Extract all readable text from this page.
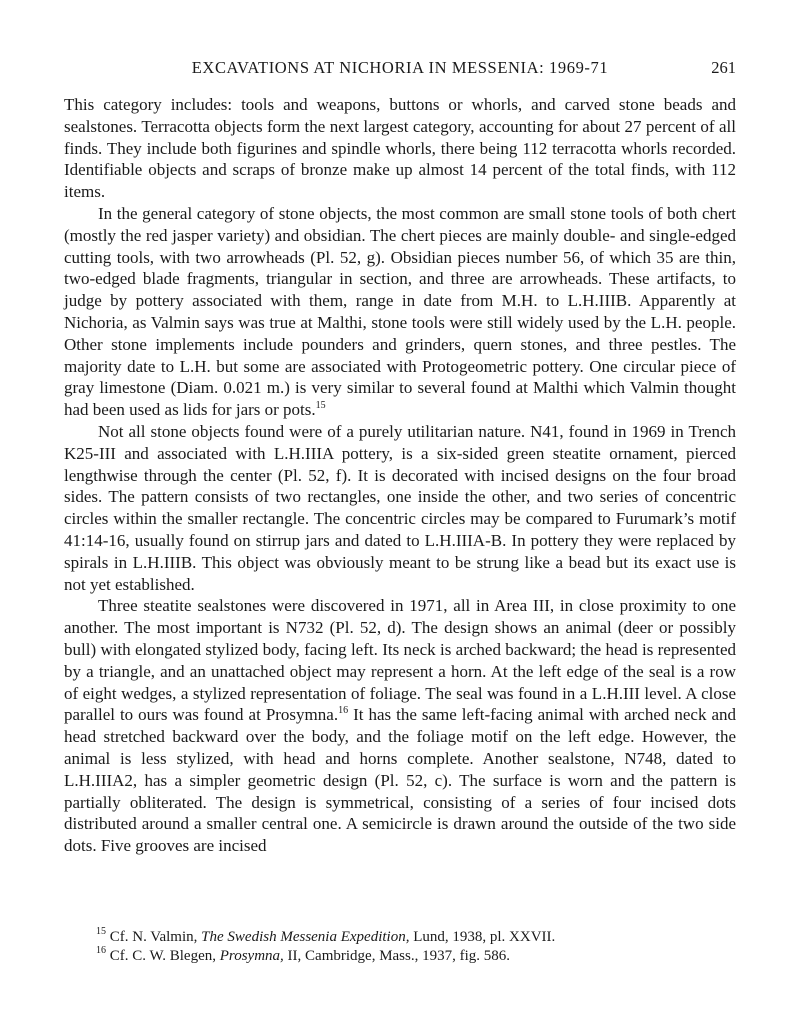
EXCAVATIONS AT NICHORIA IN MESSENIA: 1969-71	261

This category includes: tools and weapons, buttons or whorls, and carved stone beads and sealstones. Terracotta objects form the next largest category, accounting for about 27 percent of all finds. They include both figurines and spindle whorls, there being 112 terracotta whorls recorded. Identifiable objects and scraps of bronze make up almost 14 percent of the total finds, with 112 items.

In the general category of stone objects, the most common are small stone tools of both chert (mostly the red jasper variety) and obsidian. The chert pieces are mainly double- and single-edged cutting tools, with two arrowheads (Pl. 52, g). Obsidian pieces number 56, of which 35 are thin, two-edged blade fragments, triangular in section, and three are arrowheads. These artifacts, to judge by pottery associated with them, range in date from M.H. to L.H.IIIB. Apparently at Nichoria, as Valmin says was true at Malthi, stone tools were still widely used by the L.H. people. Other stone implements include pounders and grinders, quern stones, and three pestles. The majority date to L.H. but some are associated with Protogeometric pottery. One circular piece of gray limestone (Diam. 0.021 m.) is very similar to several found at Malthi which Valmin thought had been used as lids for jars or pots.$^{15}$

Not all stone objects found were of a purely utilitarian nature. N41, found in 1969 in Trench K25-III and associated with L.H.IIIA pottery, is a six-sided green steatite ornament, pierced lengthwise through the center (Pl. 52, f). It is decorated with incised designs on the four broad sides. The pattern consists of two rectangles, one inside the other, and two series of concentric circles within the smaller rectangle. The concentric circles may be compared to Furumark’s motif 41:14-16, usually found on stirrup jars and dated to L.H.IIIA-B. In pottery they were replaced by spirals in L.H.IIIB. This object was obviously meant to be strung like a bead but its exact use is not yet established.

Three steatite sealstones were discovered in 1971, all in Area III, in close proximity to one another. The most important is N732 (Pl. 52, d). The design shows an animal (deer or possibly bull) with elongated stylized body, facing left. Its neck is arched backward; the head is represented by a triangle, and an unattached object may represent a horn. At the left edge of the seal is a row of eight wedges, a stylized representation of foliage. The seal was found in a L.H.III level. A close parallel to ours was found at Prosymna.$^{16}$ It has the same left-facing animal with arched neck and head stretched backward over the body, and the foliage motif on the left edge. However, the animal is less stylized, with head and horns complete. Another sealstone, N748, dated to L.H.IIIA2, has a simpler geometric design (Pl. 52, c). The surface is worn and the pattern is partially obliterated. The design is symmetrical, consisting of a series of four incised dots distributed around a smaller central one. A semicircle is drawn around the outside of the two side dots. Five grooves are incised

$^{15}$ Cf. N. Valmin, The Swedish Messenia Expedition, Lund, 1938, pl. XXVII.
$^{16}$ Cf. C. W. Blegen, Prosymna, II, Cambridge, Mass., 1937, fig. 586.
